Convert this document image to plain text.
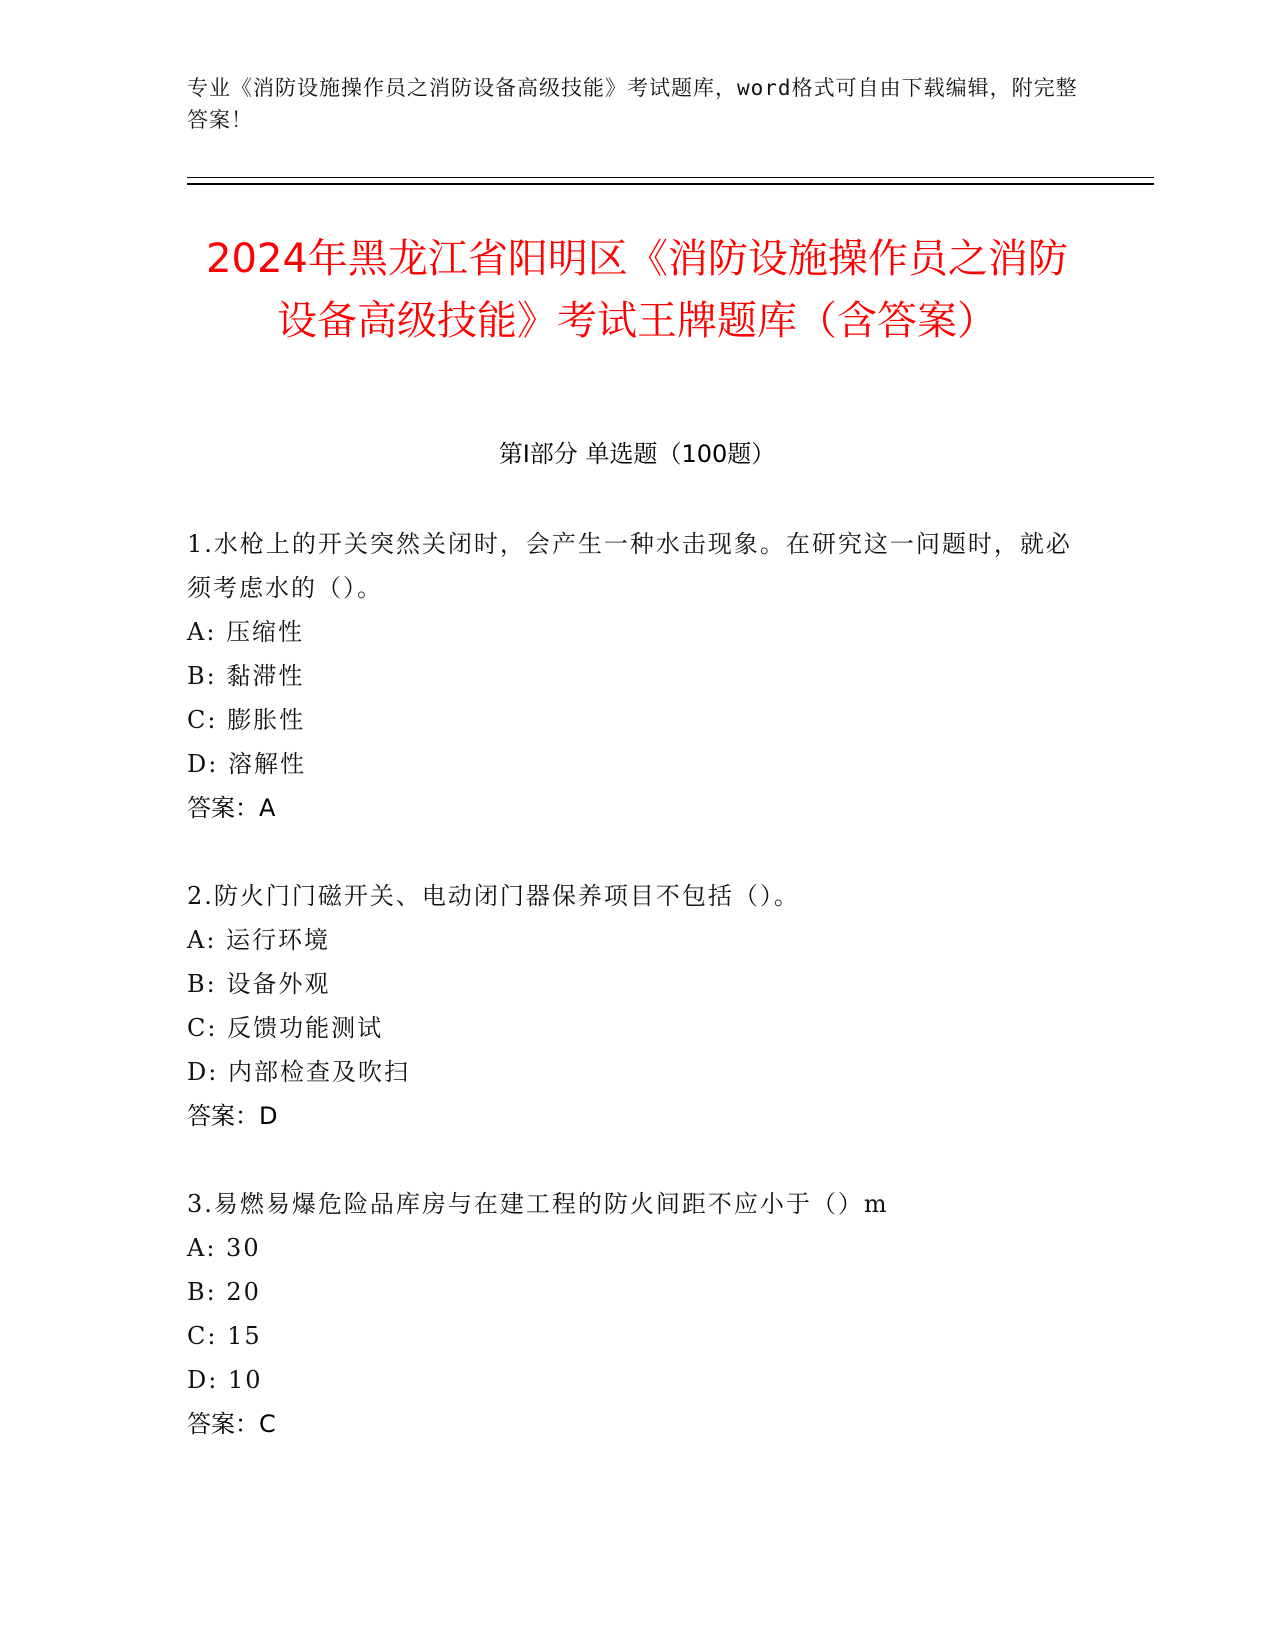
专业《消防设施操作员之消防设备高级技能》考试题库，word格式可自由下载编辑，附完整答案！
2024年黑龙江省阳明区《消防设施操作员之消防设备高级技能》考试王牌题库（含答案）
第Ⅰ部分 单选题（100题）
1.水枪上的开关突然关闭时，会产生一种水击现象。在研究这一问题时，就必须考虑水的（）。
A: 压缩性
B: 黏滞性
C: 膨胀性
D: 溶解性
答案：A
2.防火门门磁开关、电动闭门器保养项目不包括（）。
A: 运行环境
B: 设备外观
C: 反馈功能测试
D: 内部检查及吹扫
答案：D
3.易燃易爆危险品库房与在建工程的防火间距不应小于（）m
A: 30
B: 20
C: 15
D: 10
答案：C
